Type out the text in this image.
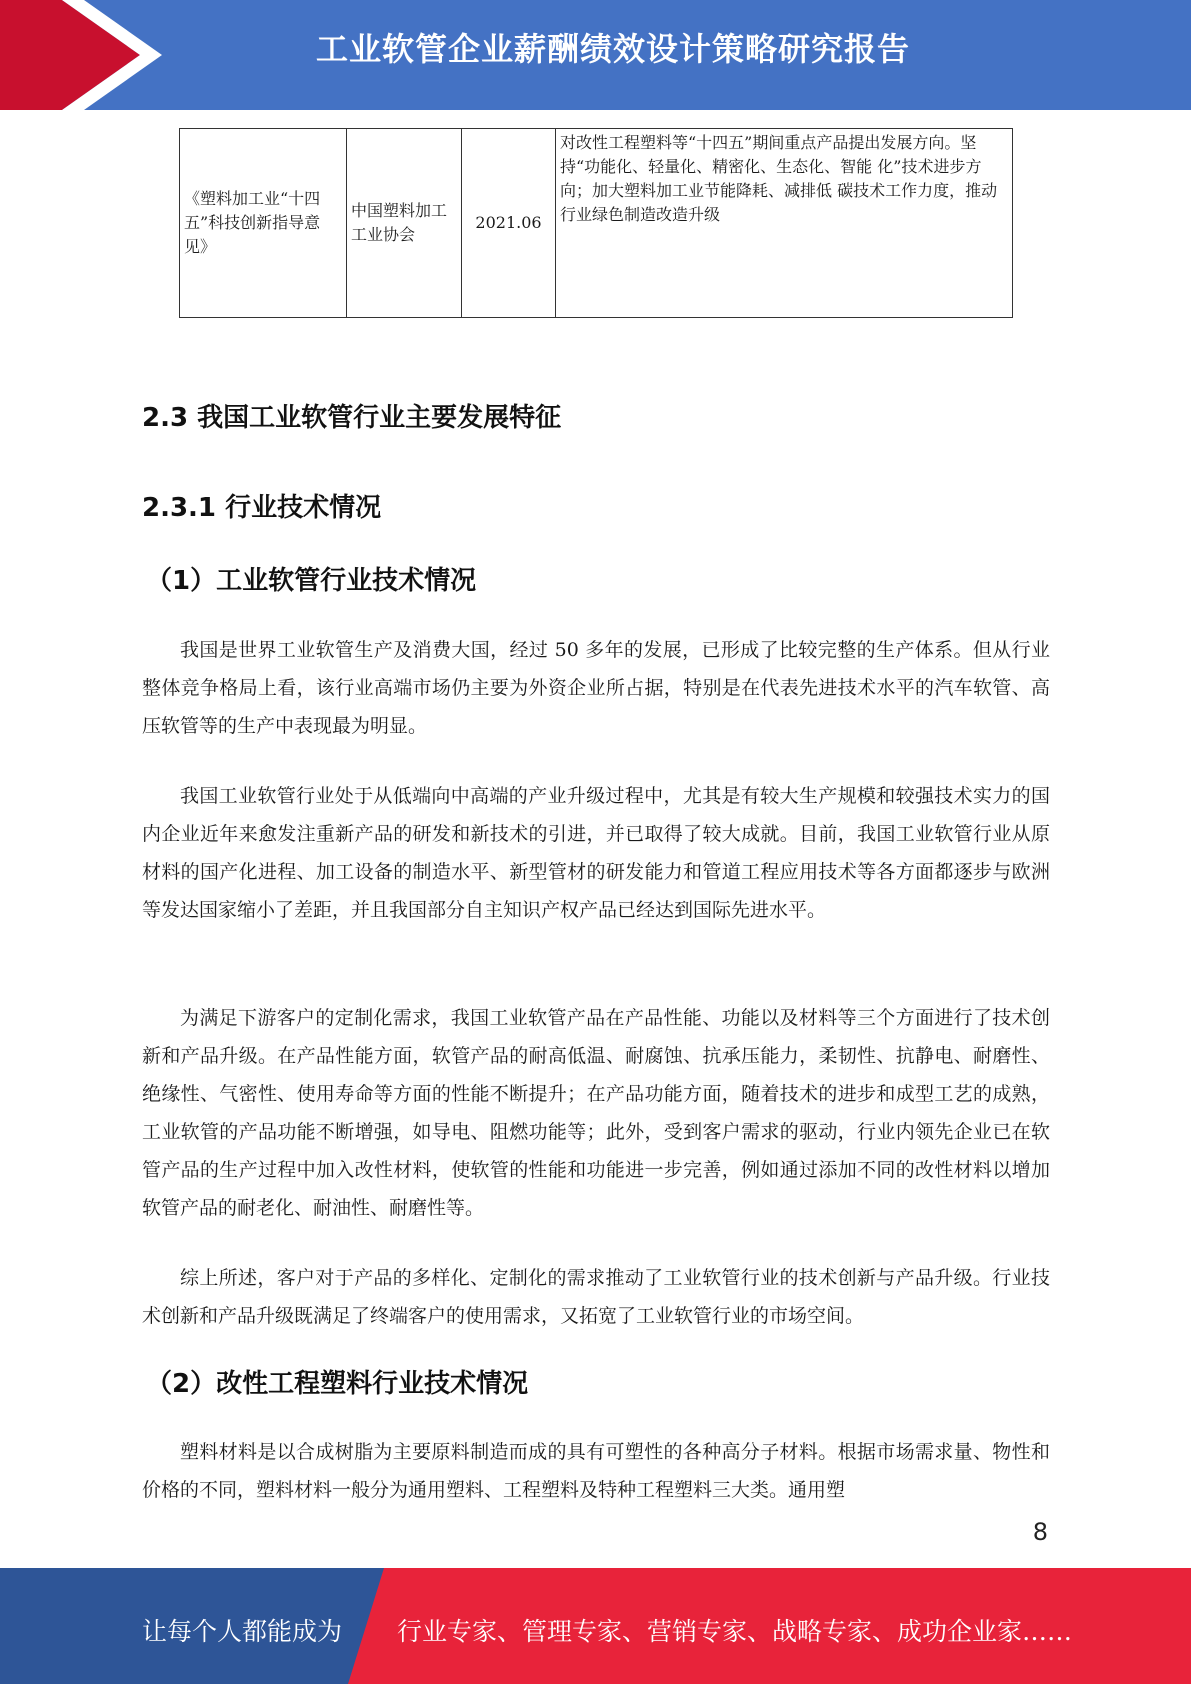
工业软管企业薪酬绩效设计策略研究报告
《塑料加工业“十四五”科技创新指导意见》	中国塑料加工工业协会	2021.06	对改性工程塑料等“十四五”期间重点产品提出发展方向。坚持“功能化、轻量化、精密化、生态化、智能 化”技术进步方向；加大塑料加工业节能降耗、减排低 碳技术工作力度，推动行业绿色制造改造升级
2.3 我国工业软管行业主要发展特征
2.3.1 行业技术情况
（1）工业软管行业技术情况

我国是世界工业软管生产及消费大国，经过 50 多年的发展，已形成了比较完整的生产体系。但从行业整体竞争格局上看，该行业高端市场仍主要为外资企业所占据，特别是在代表先进技术水平的汽车软管、高压软管等的生产中表现最为明显。

我国工业软管行业处于从低端向中高端的产业升级过程中，尤其是有较大生产规模和较强技术实力的国内企业近年来愈发注重新产品的研发和新技术的引进，并已取得了较大成就。目前，我国工业软管行业从原材料的国产化进程、加工设备的制造水平、新型管材的研发能力和管道工程应用技术等各方面都逐步与欧洲等发达国家缩小了差距，并且我国部分自主知识产权产品已经达到国际先进水平。

为满足下游客户的定制化需求，我国工业软管产品在产品性能、功能以及材料等三个方面进行了技术创新和产品升级。在产品性能方面，软管产品的耐高低温、耐腐蚀、抗承压能力，柔韧性、抗静电、耐磨性、绝缘性、气密性、使用寿命等方面的性能不断提升；在产品功能方面，随着技术的进步和成型工艺的成熟，工业软管的产品功能不断增强，如导电、阻燃功能等；此外，受到客户需求的驱动，行业内领先企业已在软管产品的生产过程中加入改性材料，使软管的性能和功能进一步完善，例如通过添加不同的改性材料以增加软管产品的耐老化、耐油性、耐磨性等。

综上所述，客户对于产品的多样化、定制化的需求推动了工业软管行业的技术创新与产品升级。行业技术创新和产品升级既满足了终端客户的使用需求，又拓宽了工业软管行业的市场空间。

（2）改性工程塑料行业技术情况

塑料材料是以合成树脂为主要原料制造而成的具有可塑性的各种高分子材料。根据市场需求量、物性和价格的不同，塑料材料一般分为通用塑料、工程塑料及特种工程塑料三大类。通用塑

8
让每个人都能成为 行业专家、管理专家、营销专家、战略专家、成功企业家……
